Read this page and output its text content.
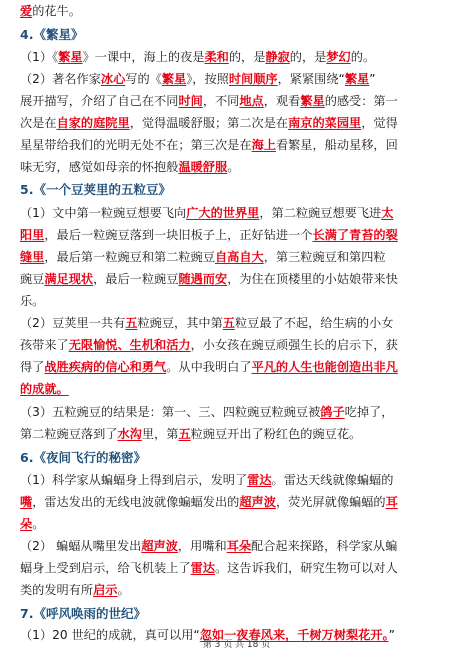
爱的花牛。
4.《繁星》
（1）《繁星》一课中，海上的夜是柔和的，是静寂的，是梦幻的。
（2）著名作家冰心写的《繁星》，按照时间顺序，紧紧围绕“繁星”
展开描写，介绍了自己在不同时间，不同地点，观看繁星的感受：第一
次是在自家的庭院里，觉得温暖舒服；第二次是在南京的菜园里，觉得
星星带给我们的光明无处不在；第三次是在海上看繁星，船动星移，回
味无穷，感觉如母亲的怀抱般温暖舒服。
5.《一个豆荚里的五粒豆》
（1）文中第一粒豌豆想要飞向广大的世界里，第二粒豌豆想要飞进太
阳里，最后一粒豌豆落到一块旧板子上，正好钻进一个长满了青苔的裂
缝里，最后第一粒豌豆和第二粒豌豆自高自大，第三粒豌豆和第四粒
豌豆满足现状，最后一粒豌豆随遇而安，为住在顶楼里的小姑娘带来快
乐。
（2）豆荚里一共有五粒豌豆，其中第五粒豆最了不起，给生病的小女
孩带来了无限愉悦、生机和活力，小女孩在豌豆顽强生长的启示下，获
得了战胜疾病的信心和勇气。从中我明白了平凡的人生也能创造出非凡
的成就。
（3）五粒豌豆的结果是：第一、三、四粒豌豆粒豌豆被鸽子吃掉了，
第二粒豌豆落到了水沟里，第五粒豌豆开出了粉红色的豌豆花。
6.《夜间飞行的秘密》
（1）科学家从蝙蝠身上得到启示，发明了雷达。雷达天线就像蝙蝠的
嘴，雷达发出的无线电波就像蝙蝠发出的超声波，荧光屏就像蝙蝠的耳
朵。
（2） 蝙蝠从嘴里发出超声波，用嘴和耳朵配合起来探路，科学家从蝙
蝠身上受到启示，给飞机装上了雷达。这告诉我们，研究生物可以对人
类的发明有所启示。
7.《呼风唤雨的世纪》
（1）20 世纪的成就，真可以用“忽如一夜春风来，千树万树梨花开。”
第 3 页 共 18 页
